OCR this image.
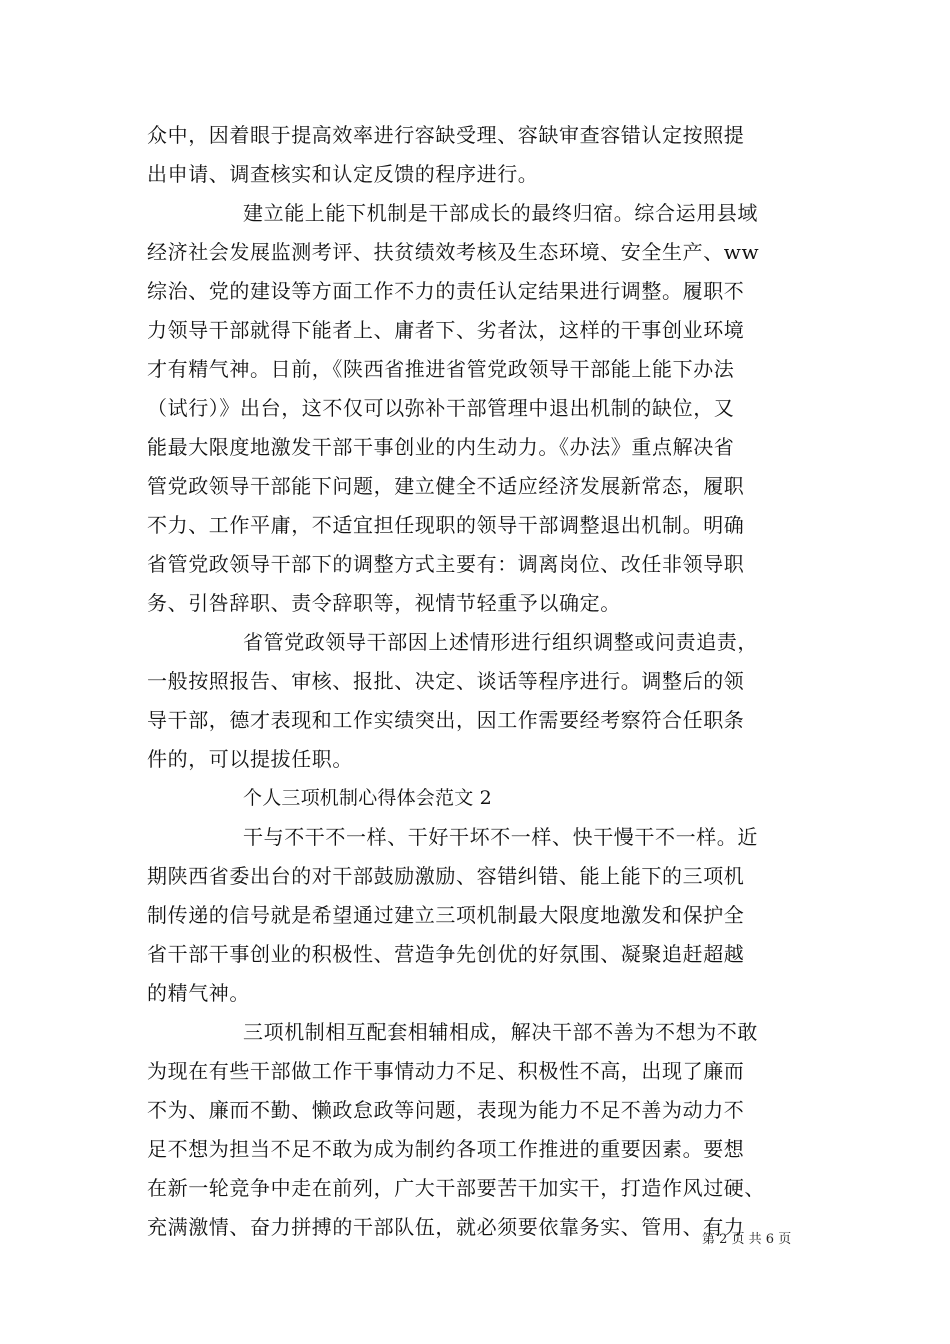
众中，因着眼于提高效率进行容缺受理、容缺审查容错认定按照提
出申请、调查核实和认定反馈的程序进行。
建立能上能下机制是干部成长的最终归宿。综合运用县域
经济社会发展监测考评、扶贫绩效考核及生态环境、安全生产、ww
综治、党的建设等方面工作不力的责任认定结果进行调整。履职不
力领导干部就得下能者上、庸者下、劣者汰，这样的干事创业环境
才有精气神。日前，《陕西省推进省管党政领导干部能上能下办法
（试行）》出台，这不仅可以弥补干部管理中退出机制的缺位，又
能最大限度地激发干部干事创业的内生动力。《办法》重点解决省
管党政领导干部能下问题，建立健全不适应经济发展新常态，履职
不力、工作平庸，不适宜担任现职的领导干部调整退出机制。明确
省管党政领导干部下的调整方式主要有：调离岗位、改任非领导职
务、引咎辞职、责令辞职等，视情节轻重予以确定。
省管党政领导干部因上述情形进行组织调整或问责追责，
一般按照报告、审核、报批、决定、谈话等程序进行。调整后的领
导干部，德才表现和工作实绩突出，因工作需要经考察符合任职条
件的，可以提拔任职。
个人三项机制心得体会范文 2
干与不干不一样、干好干坏不一样、快干慢干不一样。近
期陕西省委出台的对干部鼓励激励、容错纠错、能上能下的三项机
制传递的信号就是希望通过建立三项机制最大限度地激发和保护全
省干部干事创业的积极性、营造争先创优的好氛围、凝聚追赶超越
的精气神。
三项机制相互配套相辅相成，解决干部不善为不想为不敢
为现在有些干部做工作干事情动力不足、积极性不高，出现了廉而
不为、廉而不勤、懒政怠政等问题，表现为能力不足不善为动力不
足不想为担当不足不敢为成为制约各项工作推进的重要因素。要想
在新一轮竞争中走在前列，广大干部要苦干加实干，打造作风过硬、
充满激情、奋力拼搏的干部队伍，就必须要依靠务实、管用、有力
第 2 页 共 6 页
